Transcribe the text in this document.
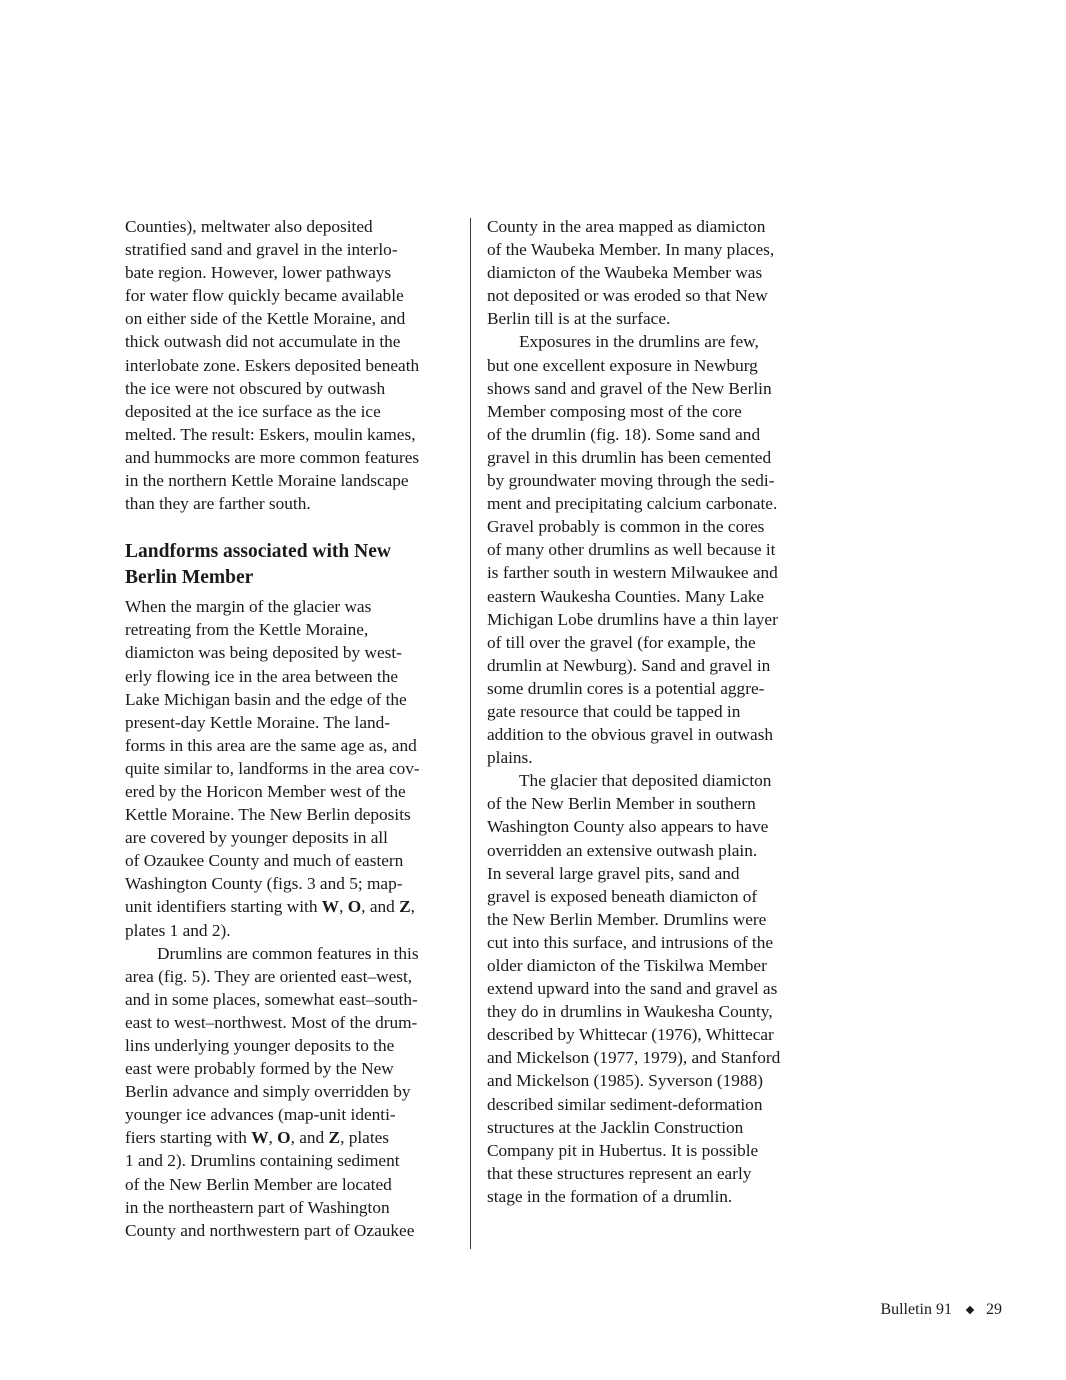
Counties), meltwater also deposited
stratified sand and gravel in the interlo-
bate region. However, lower pathways
for water flow quickly became available
on either side of the Kettle Moraine, and
thick outwash did not accumulate in the
interlobate zone. Eskers deposited beneath
the ice were not obscured by outwash
deposited at the ice surface as the ice
melted. The result: Eskers, moulin kames,
and hummocks are more common features
in the northern Kettle Moraine landscape
than they are farther south.
Landforms associated with New
Berlin Member
When the margin of the glacier was
retreating from the Kettle Moraine,
diamicton was being deposited by west-
erly flowing ice in the area between the
Lake Michigan basin and the edge of the
present-day Kettle Moraine. The land-
forms in this area are the same age as, and
quite similar to, landforms in the area cov-
ered by the Horicon Member west of the
Kettle Moraine. The New Berlin deposits
are covered by younger deposits in all
of Ozaukee County and much of eastern
Washington County (figs. 3 and 5; map-
unit identifiers starting with W, O, and Z,
plates 1 and 2).
Drumlins are common features in this
area (fig. 5). They are oriented east–west,
and in some places, somewhat east–south-
east to west–northwest. Most of the drum-
lins underlying younger deposits to the
east were probably formed by the New
Berlin advance and simply overridden by
younger ice advances (map-unit identi-
fiers starting with W, O, and Z, plates
1 and 2). Drumlins containing sediment
of the New Berlin Member are located
in the northeastern part of Washington
County and northwestern part of Ozaukee
County in the area mapped as diamicton
of the Waubeka Member. In many places,
diamicton of the Waubeka Member was
not deposited or was eroded so that New
Berlin till is at the surface.
Exposures in the drumlins are few,
but one excellent exposure in Newburg
shows sand and gravel of the New Berlin
Member composing most of the core
of the drumlin (fig. 18). Some sand and
gravel in this drumlin has been cemented
by groundwater moving through the sedi-
ment and precipitating calcium carbonate.
Gravel probably is common in the cores
of many other drumlins as well because it
is farther south in western Milwaukee and
eastern Waukesha Counties. Many Lake
Michigan Lobe drumlins have a thin layer
of till over the gravel (for example, the
drumlin at Newburg). Sand and gravel in
some drumlin cores is a potential aggre-
gate resource that could be tapped in
addition to the obvious gravel in outwash
plains.
The glacier that deposited diamicton
of the New Berlin Member in southern
Washington County also appears to have
overridden an extensive outwash plain.
In several large gravel pits, sand and
gravel is exposed beneath diamicton of
the New Berlin Member. Drumlins were
cut into this surface, and intrusions of the
older diamicton of the Tiskilwa Member
extend upward into the sand and gravel as
they do in drumlins in Waukesha County,
described by Whittecar (1976), Whittecar
and Mickelson (1977, 1979), and Stanford
and Mickelson (1985). Syverson (1988)
described similar sediment-deformation
structures at the Jacklin Construction
Company pit in Hubertus. It is possible
that these structures represent an early
stage in the formation of a drumlin.
Bulletin 91 29
